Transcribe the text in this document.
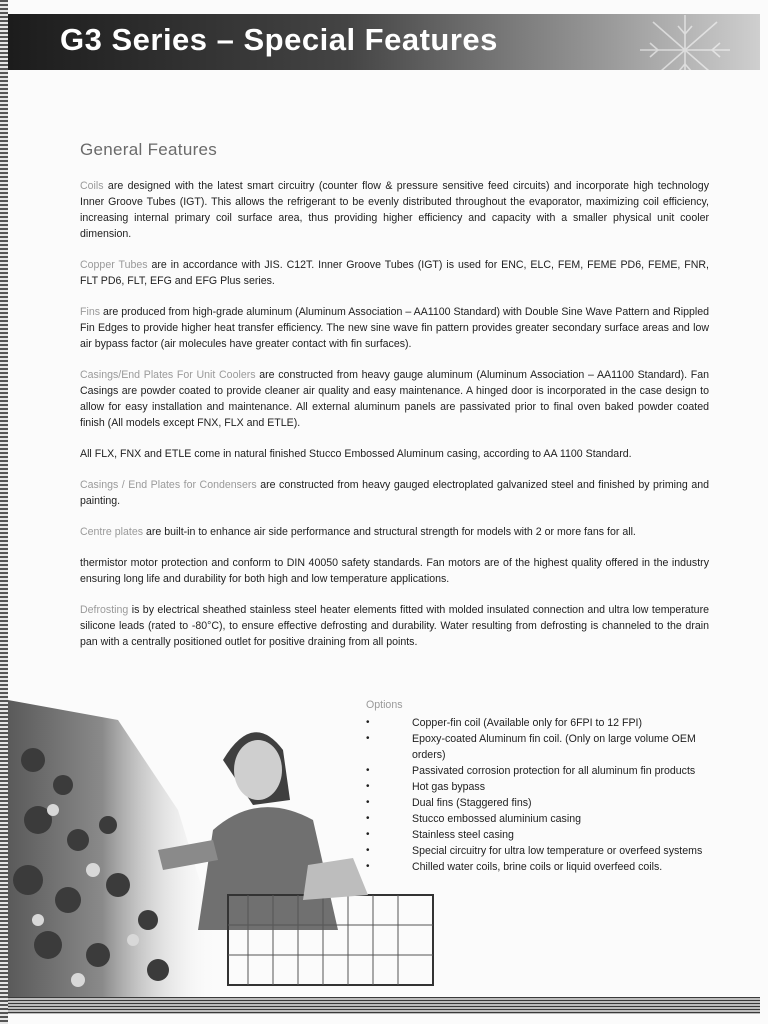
G3 Series – Special Features
General Features

Coils are designed with the latest smart circuitry (counter flow & pressure sensitive feed circuits) and incorporate high technology Inner Groove Tubes (IGT). This allows the refrigerant to be evenly distributed throughout the evaporator, maximizing coil efficiency, increasing internal primary coil surface area, thus providing higher efficiency and capacity with a smaller physical unit cooler dimension.

Copper Tubes are in accordance with JIS. C12T. Inner Groove Tubes (IGT) is used for ENC, ELC, FEM, FEME PD6, FEME, FNR, FLT PD6, FLT, EFG and EFG Plus series.

Fins are produced from high-grade aluminum (Aluminum Association – AA1100 Standard) with Double Sine Wave Pattern and Rippled Fin Edges to provide higher heat transfer efficiency. The new sine wave fin pattern provides greater secondary surface areas and low air bypass factor (air molecules have greater contact with fin surfaces).

Casings/End Plates For Unit Coolers are constructed from heavy gauge aluminum (Aluminum Association – AA1100 Standard). Fan Casings are powder coated to provide cleaner air quality and easy maintenance. A hinged door is incorporated in the case design to allow for easy installation and maintenance. All external aluminum panels are passivated prior to final oven baked powder coated finish (All models except FNX, FLX and ETLE).

All FLX, FNX and ETLE come in natural finished Stucco Embossed Aluminum casing, according to AA 1100 Standard.

Casings / End Plates for Condensers are constructed from heavy gauged electroplated galvanized steel and finished by priming and painting.

Centre plates are built-in to enhance air side performance and structural strength for models with 2 or more fans for all.

thermistor motor protection and conform to DIN 40050 safety standards. Fan motors are of the highest quality offered in the industry ensuring long life and durability for both high and low temperature applications.

Defrosting is by electrical sheathed stainless steel heater elements fitted with molded insulated connection and ultra low temperature silicone leads (rated to -80°C), to ensure effective defrosting and durability. Water resulting from defrosting is channeled to the drain pan with a centrally positioned outlet for positive draining from all points.

Options
•	Copper-fin coil (Available only for 6FPI to 12 FPI)
•	Epoxy-coated Aluminum fin coil. (Only on large volume OEM orders)
•	Passivated corrosion protection for all aluminum fin products
•	Hot gas bypass
•	Dual fins (Staggered fins)
•	Stucco embossed aluminium casing
•	Stainless steel casing
•	Special circuitry for ultra low temperature or overfeed systems
•	Chilled water coils, brine coils or liquid overfeed coils.
